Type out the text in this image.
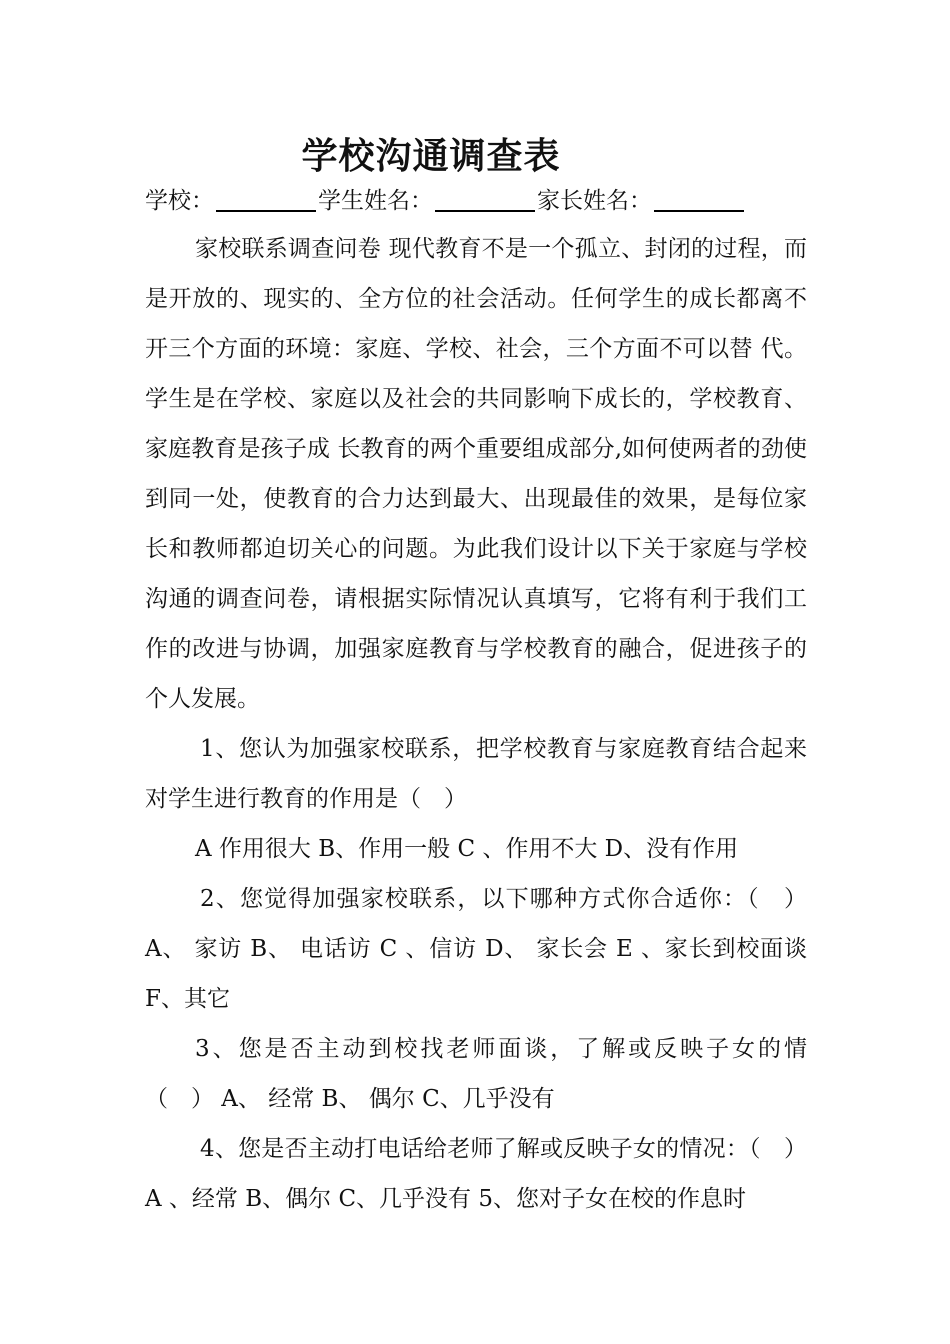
学校沟通调查表
学校：	学生姓名：	家长姓名：

家校联系调查问卷 现代教育不是一个孤立、封闭的过程，而是开放的、现实的、全方位的社会活动。任何学生的成长都离不开三个方面的环境：家庭、学校、社会，三个方面不可以替 代。学生是在学校、家庭以及社会的共同影响下成长的，学校教育、家庭教育是孩子成 长教育的两个重要组成部分,如何使两者的劲使到同一处，使教育的合力达到最大、出现最佳的效果，是每位家长和教师都迫切关心的问题。为此我们设计以下关于家庭与学校沟通的调查问卷，请根据实际情况认真填写，它将有利于我们工作的改进与协调，加强家庭教育与学校教育的融合，促进孩子的个人发展。

1、您认为加强家校联系，把学校教育与家庭教育结合起来对学生进行教育的作用是（　）

A 作用很大 B、作用一般 C 、作用不大 D、没有作用

2、您觉得加强家校联系，以下哪种方式你合适你：（　）A、 家访 B、 电话访 C 、信访 D、 家长会 E 、家长到校面谈 F、其它

3、您是否主动到校找老师面谈，了解或反映子女的情（　） A、 经常 B、 偶尔 C、几乎没有

4、您是否主动打电话给老师了解或反映子女的情况：（　）A 、经常 B、偶尔 C、几乎没有 5、您对子女在校的作息时
